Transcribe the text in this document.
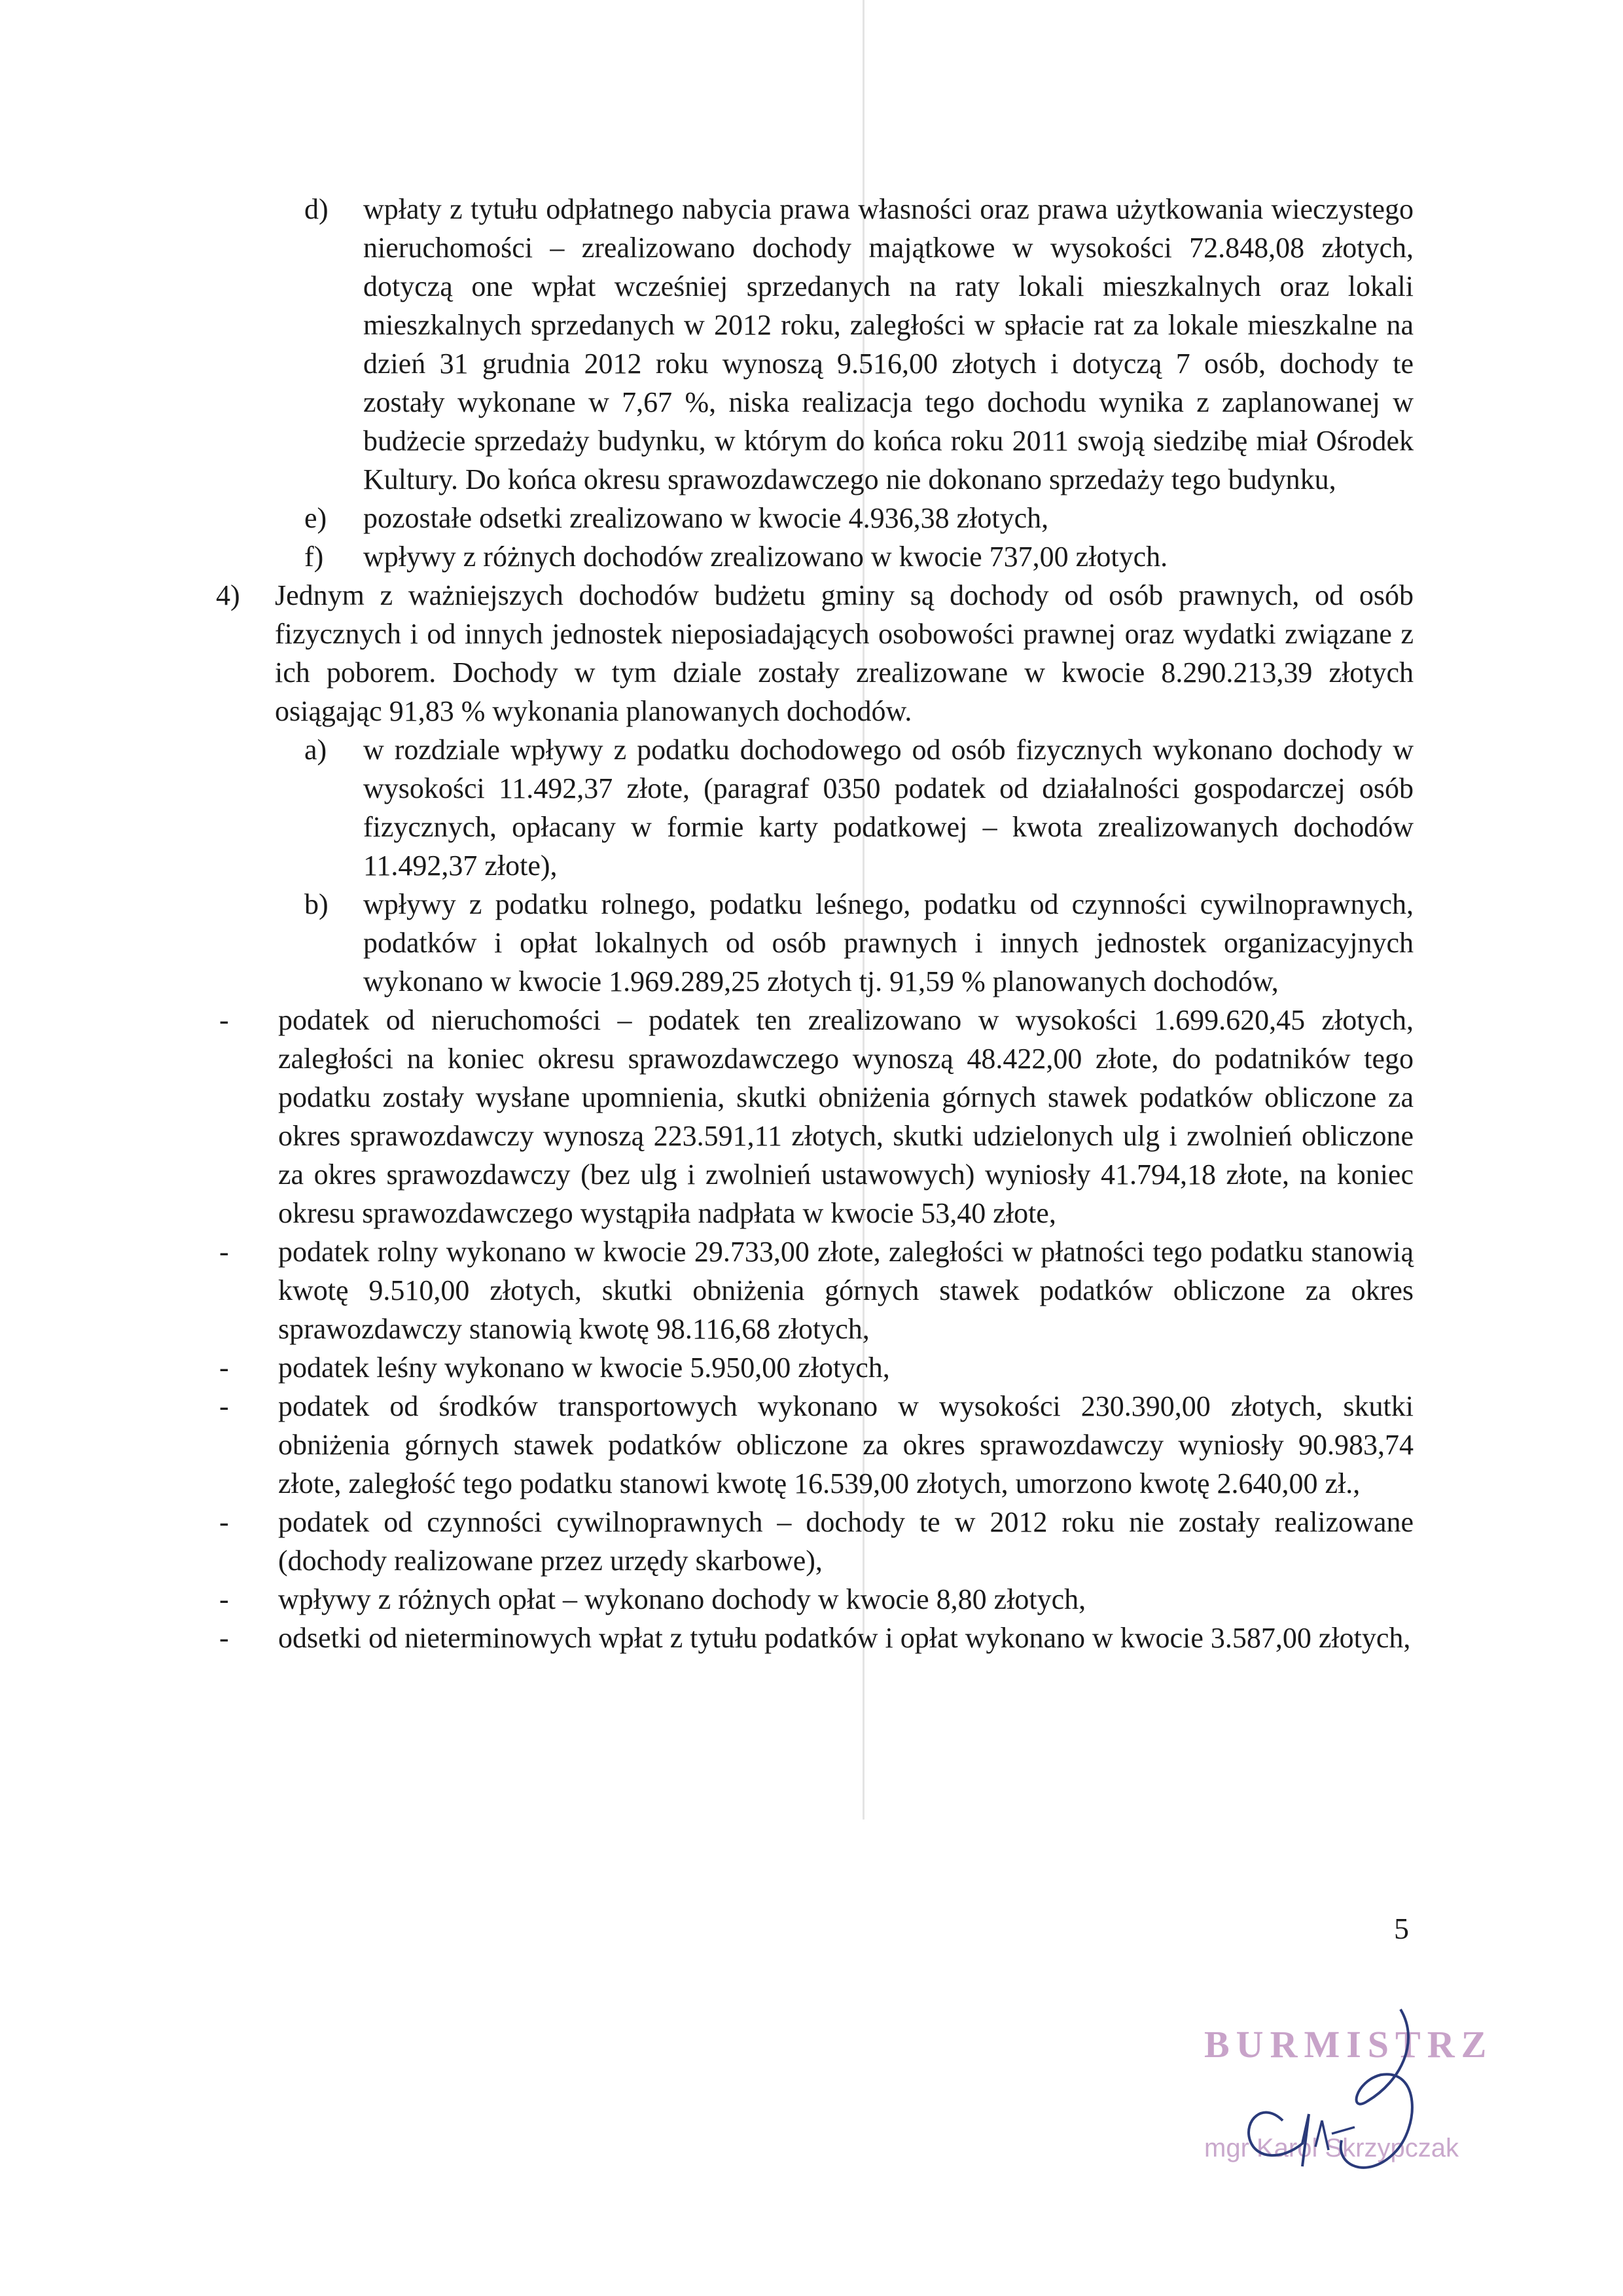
d)	wpłaty z tytułu odpłatnego nabycia prawa własności oraz prawa użytkowania wieczystego nieruchomości – zrealizowano dochody majątkowe w wysokości 72.848,08 złotych, dotyczą one wpłat wcześniej sprzedanych na raty lokali mieszkalnych oraz lokali mieszkalnych sprzedanych w 2012 roku, zaległości w spłacie rat za lokale mieszkalne na dzień 31 grudnia 2012 roku wynoszą 9.516,00 złotych i dotyczą 7 osób, dochody te zostały wykonane w 7,67 %, niska realizacja tego dochodu wynika z zaplanowanej w budżecie sprzedaży budynku, w którym do końca roku 2011 swoją siedzibę miał Ośrodek Kultury. Do końca okresu sprawozdawczego nie dokonano sprzedaży tego budynku,
e)	pozostałe odsetki zrealizowano w kwocie 4.936,38 złotych,
f)	wpływy z różnych dochodów zrealizowano w kwocie 737,00 złotych.
4)	Jednym z ważniejszych dochodów budżetu gminy są dochody od osób prawnych, od osób fizycznych i od innych jednostek nieposiadających osobowości prawnej oraz wydatki związane z ich poborem. Dochody w tym dziale zostały zrealizowane w kwocie 8.290.213,39 złotych osiągając 91,83 % wykonania planowanych dochodów.
a)	w rozdziale wpływy z podatku dochodowego od osób fizycznych wykonano dochody w wysokości 11.492,37 złote, (paragraf 0350 podatek od działalności gospodarczej osób fizycznych, opłacany w formie karty podatkowej – kwota zrealizowanych dochodów 11.492,37 złote),
b)	wpływy z podatku rolnego, podatku leśnego, podatku od czynności cywilnoprawnych, podatków i opłat lokalnych od osób prawnych i innych jednostek organizacyjnych wykonano w kwocie 1.969.289,25 złotych tj. 91,59 % planowanych dochodów,
-	podatek od nieruchomości – podatek ten zrealizowano w wysokości 1.699.620,45 złotych, zaległości na koniec okresu sprawozdawczego wynoszą 48.422,00 złote, do podatników tego podatku zostały wysłane upomnienia, skutki obniżenia górnych stawek podatków obliczone za okres sprawozdawczy wynoszą 223.591,11 złotych, skutki udzielonych ulg i zwolnień obliczone za okres sprawozdawczy (bez ulg i zwolnień ustawowych) wyniosły 41.794,18 złote, na koniec okresu sprawozdawczego wystąpiła nadpłata w kwocie 53,40 złote,
-	podatek rolny wykonano w kwocie 29.733,00 złote, zaległości w płatności tego podatku stanowią kwotę 9.510,00 złotych, skutki obniżenia górnych stawek podatków obliczone za okres sprawozdawczy stanowią kwotę 98.116,68 złotych,
-	podatek leśny wykonano w kwocie 5.950,00 złotych,
-	podatek od środków transportowych wykonano w wysokości 230.390,00 złotych, skutki obniżenia górnych stawek podatków obliczone za okres sprawozdawczy wyniosły 90.983,74 złote, zaległość tego podatku stanowi kwotę 16.539,00 złotych, umorzono kwotę 2.640,00 zł.,
-	podatek od czynności cywilnoprawnych – dochody te w 2012 roku nie zostały realizowane (dochody realizowane przez urzędy skarbowe),
-	wpływy z różnych opłat – wykonano dochody w kwocie 8,80 złotych,
-	odsetki od nieterminowych wpłat z tytułu podatków i opłat wykonano w kwocie 3.587,00 złotych,
5
BURMISTRZ
mgr Karol Skrzypczak
